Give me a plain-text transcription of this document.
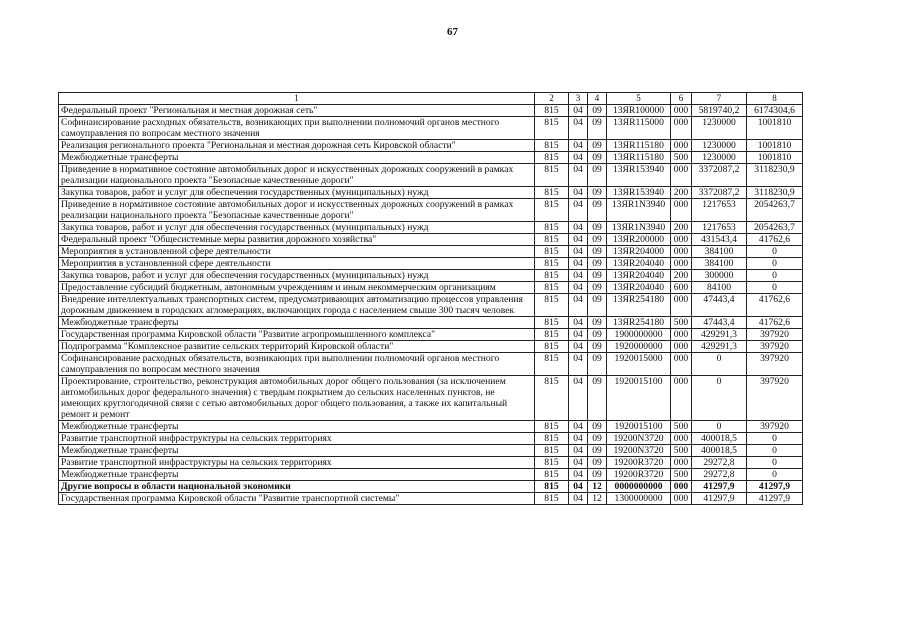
67
1	2	3	4	5	6	7	8
Федеральный проект "Региональная и местная дорожная сеть"	815	04	09	13ЯR100000	000	5819740,2	6174304,6
Софинансирование расходных обязательств, возникающих при выполнении полномочий органов местного самоуправления по вопросам местного значения	815	04	09	13ЯR115000	000	1230000	1001810
Реализация регионального проекта "Региональная и местная дорожная сеть Кировской области"	815	04	09	13ЯR115180	000	1230000	1001810
Межбюджетные трансферты	815	04	09	13ЯR115180	500	1230000	1001810
Приведение в нормативное состояние автомобильных дорог и искусственных дорожных сооружений в рамках реализации национального проекта "Безопасные качественные дороги"	815	04	09	13ЯR153940	000	3372087,2	3118230,9
Закупка товаров, работ и услуг для обеспечения государственных (муниципальных) нужд	815	04	09	13ЯR153940	200	3372087,2	3118230,9
Приведение в нормативное состояние автомобильных дорог и искусственных дорожных сооружений в рамках реализации национального проекта "Безопасные качественные дороги"	815	04	09	13ЯR1N3940	000	1217653	2054263,7
Закупка товаров, работ и услуг для обеспечения государственных (муниципальных) нужд	815	04	09	13ЯR1N3940	200	1217653	2054263,7
Федеральный проект "Общесистемные меры развития дорожного хозяйства"	815	04	09	13ЯR200000	000	431543,4	41762,6
Мероприятия в установленной сфере деятельности	815	04	09	13ЯR204000	000	384100	0
Мероприятия в установленной сфере деятельности	815	04	09	13ЯR204040	000	384100	0
Закупка товаров, работ и услуг для обеспечения государственных (муниципальных) нужд	815	04	09	13ЯR204040	200	300000	0
Предоставление субсидий бюджетным, автономным учреждениям и иным некоммерческим организациям	815	04	09	13ЯR204040	600	84100	0
Внедрение интеллектуальных транспортных систем, предусматривающих автоматизацию процессов управления дорожным движением в городских агломерациях, включающих города с населением свыше 300 тысяч человек	815	04	09	13ЯR254180	000	47443,4	41762,6
Межбюджетные трансферты	815	04	09	13ЯR254180	500	47443,4	41762,6
Государственная программа Кировской области "Развитие агропромышленного комплекса"	815	04	09	1900000000	000	429291,3	397920
Подпрограмма "Комплексное развитие сельских территорий Кировской области"	815	04	09	1920000000	000	429291,3	397920
Софинансирование расходных обязательств, возникающих при выполнении полномочий органов местного самоуправления по вопросам местного значения	815	04	09	1920015000	000	0	397920
Проектирование, строительство, реконструкция автомобильных дорог общего пользования (за исключением автомобильных дорог федерального значения) с твердым покрытием до сельских населенных пунктов, не имеющих круглогодичной связи с сетью автомобильных дорог общего пользования, а также их капитальный ремонт и ремонт	815	04	09	1920015100	000	0	397920
Межбюджетные трансферты	815	04	09	1920015100	500	0	397920
Развитие транспортной инфраструктуры на сельских территориях	815	04	09	19200N3720	000	400018,5	0
Межбюджетные трансферты	815	04	09	19200N3720	500	400018,5	0
Развитие транспортной инфраструктуры на сельских территориях	815	04	09	19200R3720	000	29272,8	0
Межбюджетные трансферты	815	04	09	19200R3720	500	29272,8	0
Другие вопросы в области национальной экономики	815	04	12	0000000000	000	41297,9	41297,9
Государственная программа Кировской области "Развитие транспортной системы"	815	04	12	1300000000	000	41297,9	41297,9
